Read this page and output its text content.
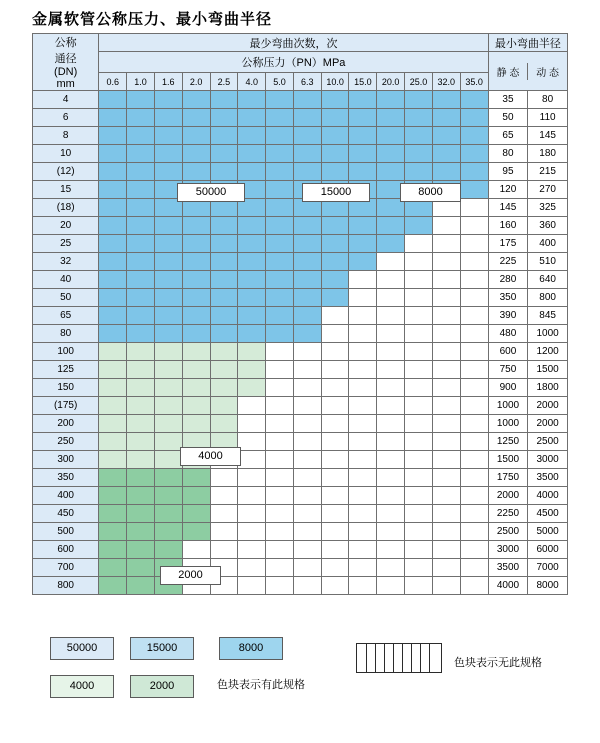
金属软管公称压力、最小弯曲半径
公称
通径
(DN)
mm
	最少弯曲次数，次	最小弯曲半径
公称压力（PN）MPa	
静 态	动 态

0.6	1.0	1.6	2.0	2.5	4.0	5.0	6.3	10.0	15.0	20.0	25.0	32.0	35.0
4															35	80
6															50	110
8															65	145
10															80	180
(12)															95	215
15															120	270
(18)															145	325
20															160	360
25															175	400
32															225	510
40															280	640
50															350	800
65															390	845
80															480	1000
100															600	1200
125															750	1500
150															900	1800
(175)															1000	2000
200															1000	2000
250															1250	2500
300															1500	3000
350															1750	3500
400															2000	4000
450															2250	4500
500															2500	5000
600															3000	6000
700															3500	7000
800															4000	8000
50000	15000	8000
4000
2000
50000	15000	8000
4000	2000	色块表示有此规格
色块表示无此规格
